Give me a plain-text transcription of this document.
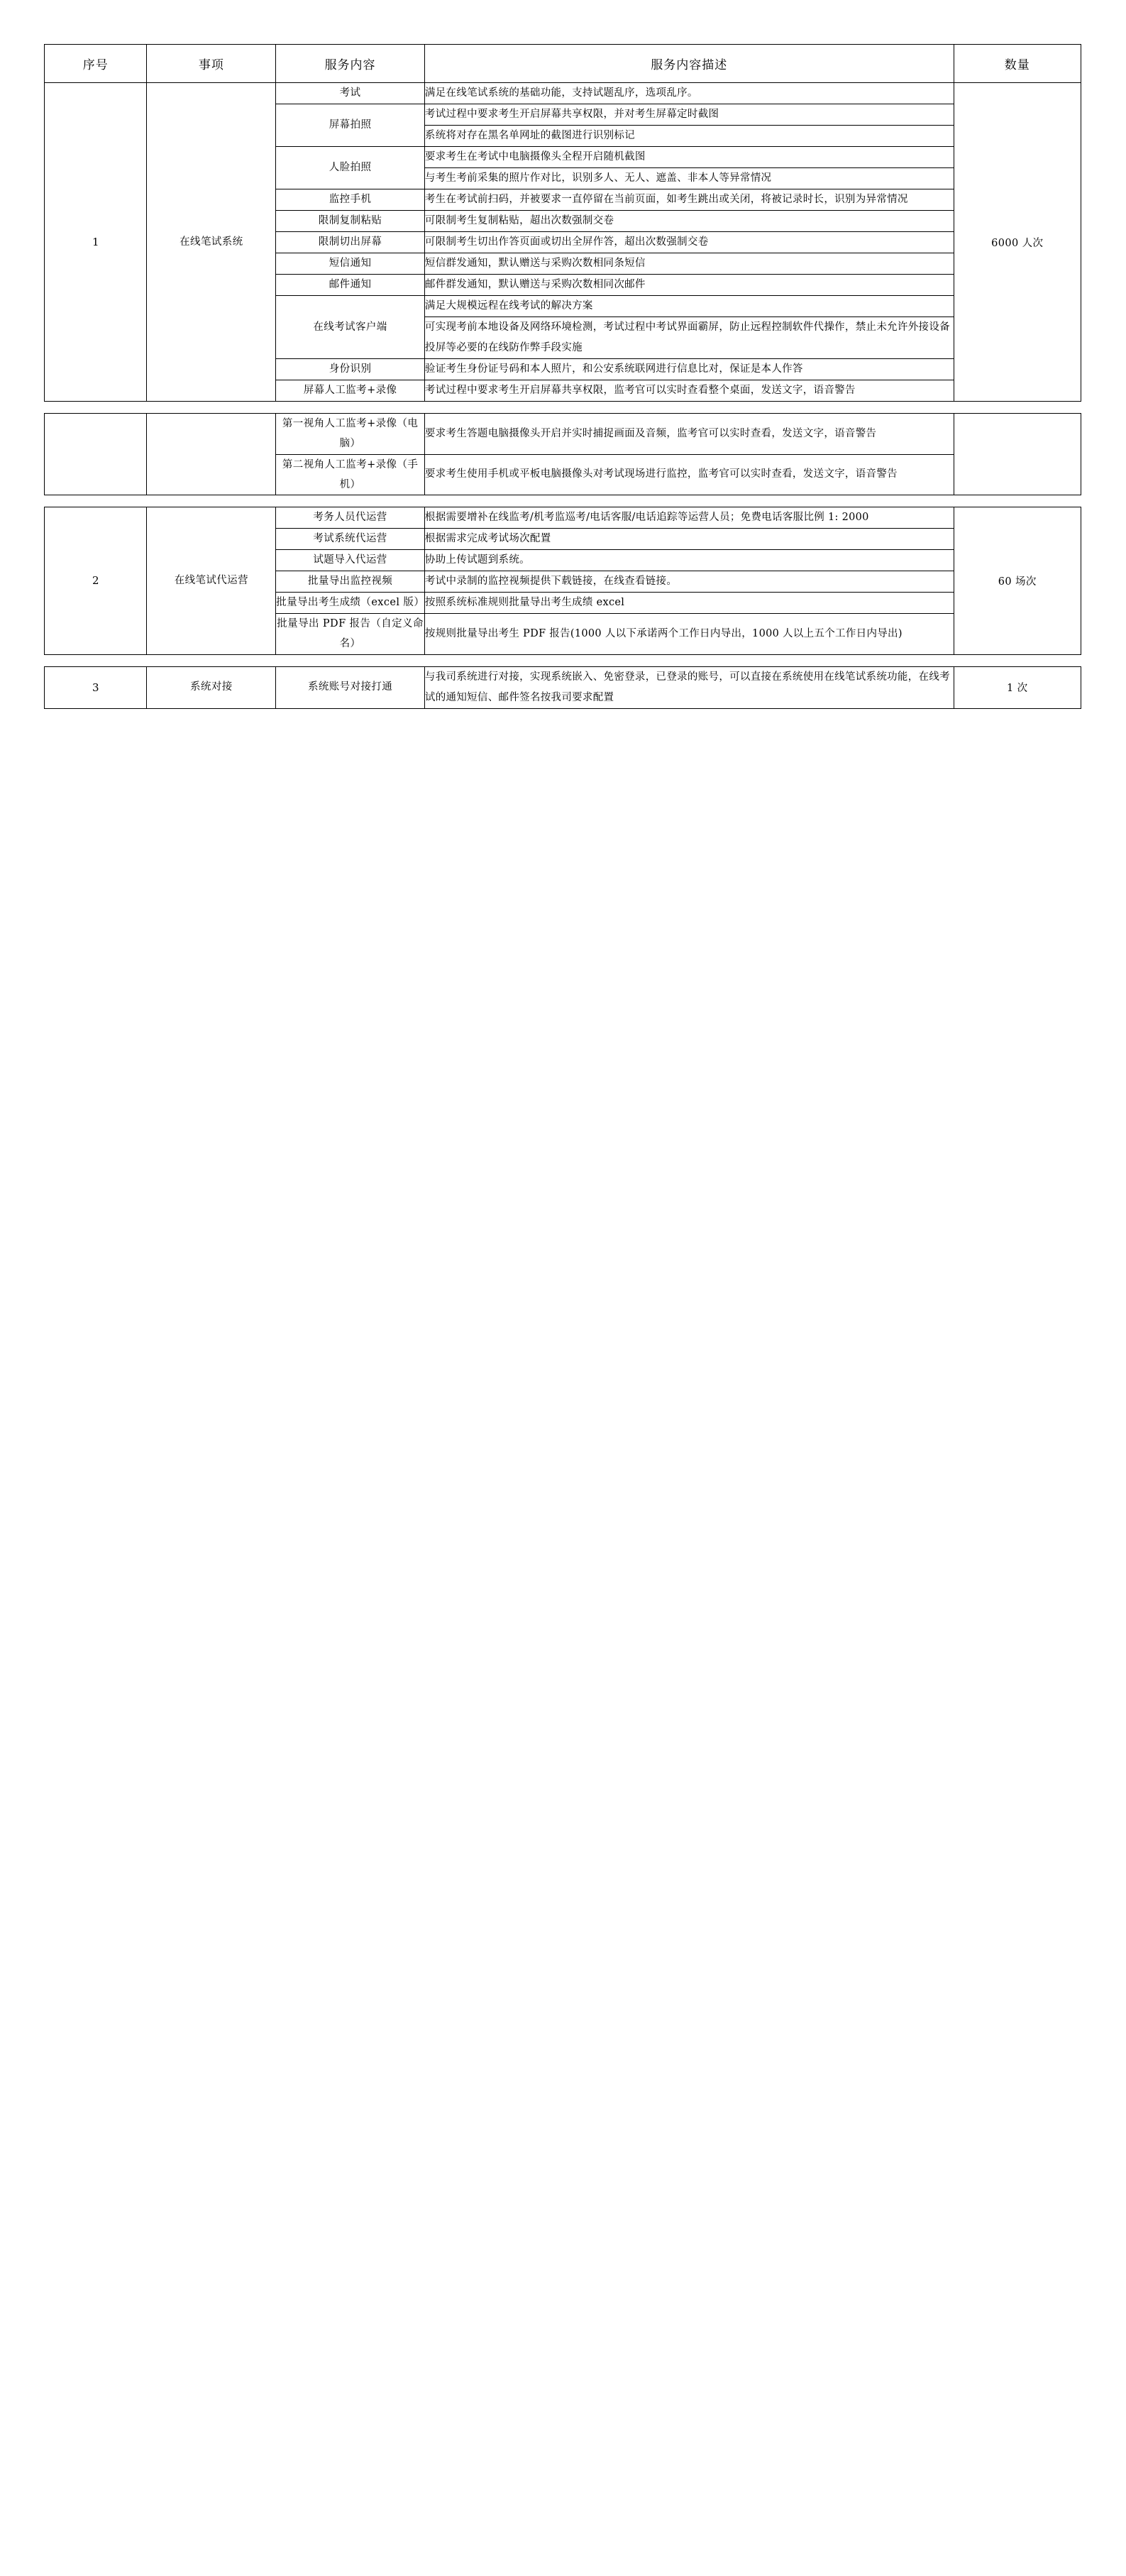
序号	事项	服务内容	服务内容描述	数量
1	在线笔试系统	考试	满足在线笔试系统的基础功能，支持试题乱序，选项乱序。	6000 人次
		屏幕拍照	考试过程中要求考生开启屏幕共享权限，并对考生屏幕定时截图	
			系统将对存在黑名单网址的截图进行识别标记	
		人脸拍照	要求考生在考试中电脑摄像头全程开启随机截图	
			与考生考前采集的照片作对比，识别多人、无人、遮盖、非本人等异常情况	
		监控手机	考生在考试前扫码，并被要求一直停留在当前页面，如考生跳出或关闭，将被记录时长，识别为异常情况	
		限制复制粘贴	可限制考生复制粘贴，超出次数强制交卷	
		限制切出屏幕	可限制考生切出作答页面或切出全屏作答，超出次数强制交卷	
		短信通知	短信群发通知，默认赠送与采购次数相同条短信	
		邮件通知	邮件群发通知，默认赠送与采购次数相同次邮件	
		在线考试客户端	满足大规模远程在线考试的解决方案	
			可实现考前本地设备及网络环境检测，考试过程中考试界面霸屏，防止远程控制软件代操作，禁止未允许外接设备投屏等必要的在线防作弊手段实施	
		身份识别	验证考生身份证号码和本人照片，和公安系统联网进行信息比对，保证是本人作答	
		屏幕人工监考+录像	考试过程中要求考生开启屏幕共享权限，监考官可以实时查看整个桌面，发送文字，语音警告	
		第一视角人工监考+录像（电脑）	要求考生答题电脑摄像头开启并实时捕捉画面及音频，监考官可以实时查看，发送文字，语音警告	
		第二视角人工监考+录像（手机）	要求考生使用手机或平板电脑摄像头对考试现场进行监控，监考官可以实时查看，发送文字，语音警告	
2	在线笔试代运营	考务人员代运营	根据需要增补在线监考/机考监巡考/电话客服/电话追踪等运营人员；免费电话客服比例 1: 2000	60 场次
		考试系统代运营	根据需求完成考试场次配置	
		试题导入代运营	协助上传试题到系统。	
		批量导出监控视频	考试中录制的监控视频提供下载链接，在线查看链接。	
		批量导出考生成绩（excel 版）	按照系统标准规则批量导出考生成绩 excel	
		批量导出 PDF 报告（自定义命名）	按规则批量导出考生 PDF 报告(1000 人以下承诺两个工作日内导出，1000 人以上五个工作日内导出)	
3	系统对接	系统账号对接打通	与我司系统进行对接，实现系统嵌入、免密登录，已登录的账号，可以直接在系统使用在线笔试系统功能，在线考试的通知短信、邮件签名按我司要求配置	1 次
